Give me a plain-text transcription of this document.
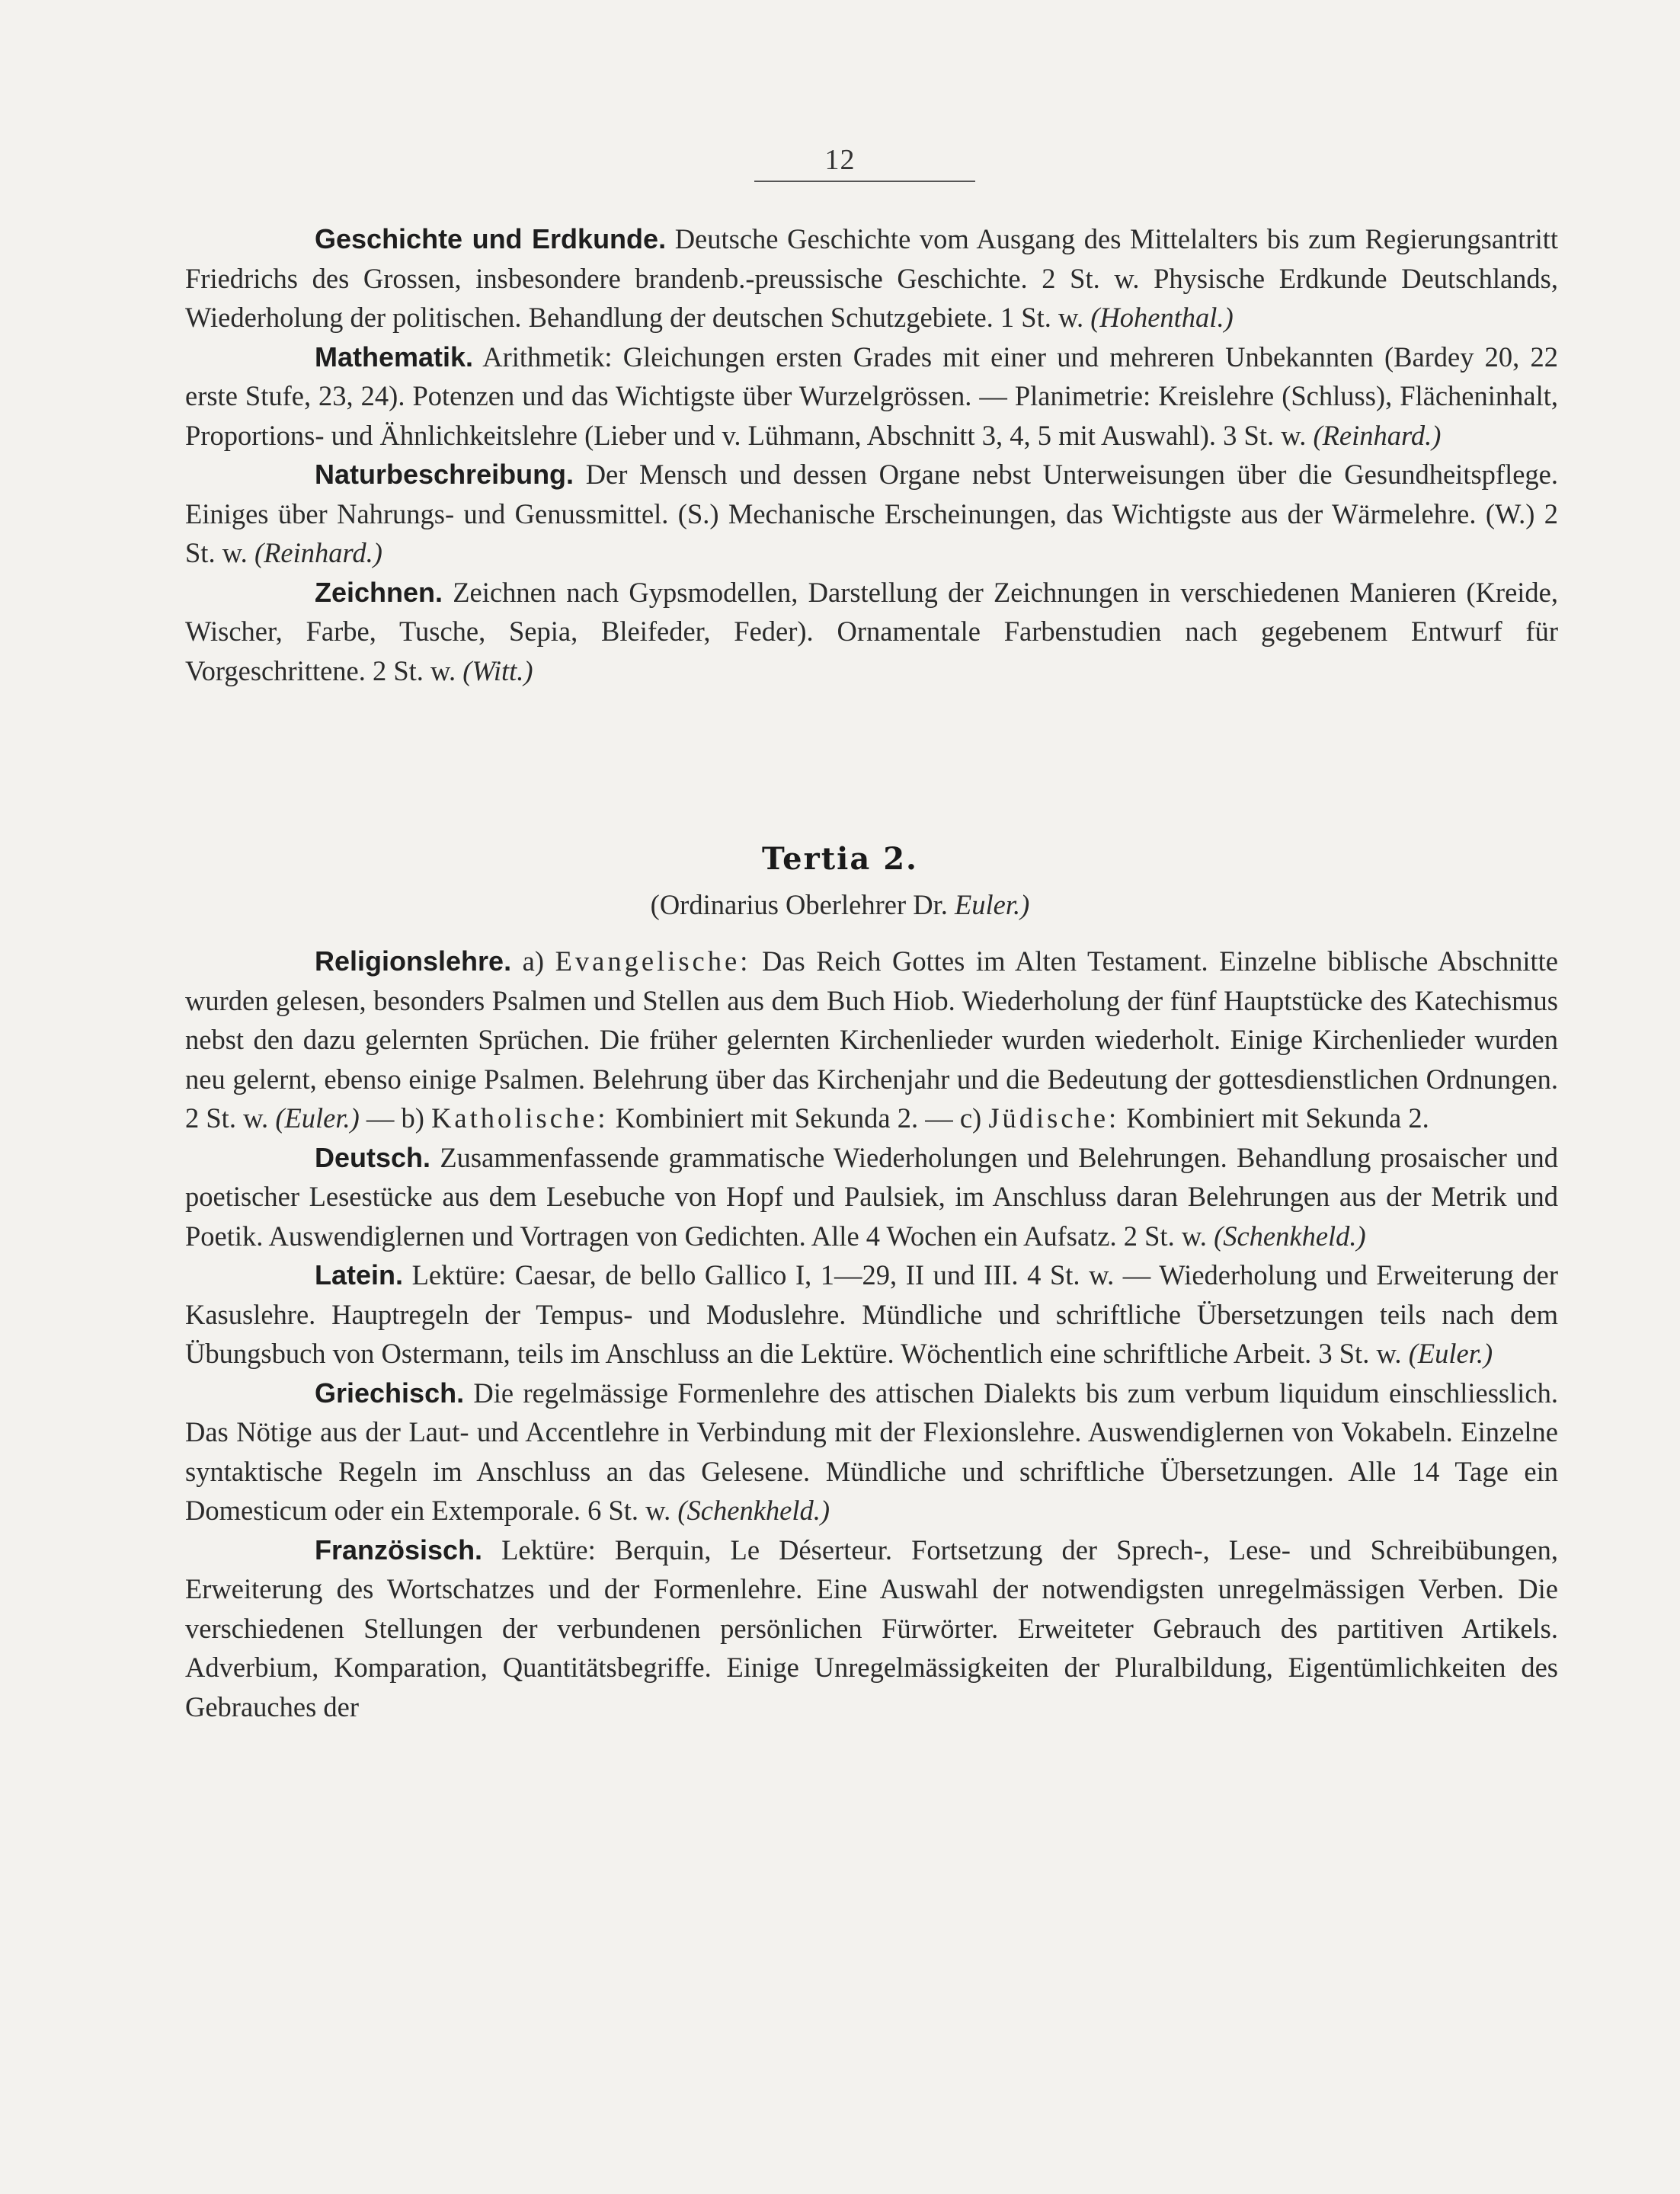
12

Geschichte und Erdkunde. Deutsche Geschichte vom Ausgang des Mittelalters bis zum Regierungsantritt Friedrichs des Grossen, insbesondere brandenb.-preussische Geschichte. 2 St. w. Physische Erdkunde Deutschlands, Wiederholung der politischen. Behandlung der deutschen Schutzgebiete. 1 St. w. (Hohenthal.)

Mathematik. Arithmetik: Gleichungen ersten Grades mit einer und mehreren Unbekannten (Bardey 20, 22 erste Stufe, 23, 24). Potenzen und das Wichtigste über Wurzelgrössen. — Planimetrie: Kreislehre (Schluss), Flächeninhalt, Proportions- und Ähnlichkeitslehre (Lieber und v. Lühmann, Abschnitt 3, 4, 5 mit Auswahl). 3 St. w. (Reinhard.)

Naturbeschreibung. Der Mensch und dessen Organe nebst Unterweisungen über die Gesundheitspflege. Einiges über Nahrungs- und Genussmittel. (S.) Mechanische Erscheinungen, das Wichtigste aus der Wärmelehre. (W.) 2 St. w. (Reinhard.)

Zeichnen. Zeichnen nach Gypsmodellen, Darstellung der Zeichnungen in verschiedenen Manieren (Kreide, Wischer, Farbe, Tusche, Sepia, Bleifeder, Feder). Ornamentale Farbenstudien nach gegebenem Entwurf für Vorgeschrittene. 2 St. w. (Witt.)

Tertia 2.
(Ordinarius Oberlehrer Dr. Euler.)

Religionslehre. a) Evangelische: Das Reich Gottes im Alten Testament. Einzelne biblische Abschnitte wurden gelesen, besonders Psalmen und Stellen aus dem Buch Hiob. Wiederholung der fünf Hauptstücke des Katechismus nebst den dazu gelernten Sprüchen. Die früher gelernten Kirchenlieder wurden wiederholt. Einige Kirchenlieder wurden neu gelernt, ebenso einige Psalmen. Belehrung über das Kirchenjahr und die Bedeutung der gottesdienstlichen Ordnungen. 2 St. w. (Euler.) — b) Katholische: Kombiniert mit Sekunda 2. — c) Jüdische: Kombiniert mit Sekunda 2.

Deutsch. Zusammenfassende grammatische Wiederholungen und Belehrungen. Behandlung prosaischer und poetischer Lesestücke aus dem Lesebuche von Hopf und Paulsiek, im Anschluss daran Belehrungen aus der Metrik und Poetik. Auswendiglernen und Vortragen von Gedichten. Alle 4 Wochen ein Aufsatz. 2 St. w. (Schenkheld.)

Latein. Lektüre: Caesar, de bello Gallico I, 1—29, II und III. 4 St. w. — Wiederholung und Erweiterung der Kasuslehre. Hauptregeln der Tempus- und Moduslehre. Mündliche und schriftliche Übersetzungen teils nach dem Übungsbuch von Ostermann, teils im Anschluss an die Lektüre. Wöchentlich eine schriftliche Arbeit. 3 St. w. (Euler.)

Griechisch. Die regelmässige Formenlehre des attischen Dialekts bis zum verbum liquidum einschliesslich. Das Nötige aus der Laut- und Accentlehre in Verbindung mit der Flexionslehre. Auswendiglernen von Vokabeln. Einzelne syntaktische Regeln im Anschluss an das Gelesene. Mündliche und schriftliche Übersetzungen. Alle 14 Tage ein Domesticum oder ein Extemporale. 6 St. w. (Schenkheld.)

Französisch. Lektüre: Berquin, Le Déserteur. Fortsetzung der Sprech-, Lese- und Schreibübungen, Erweiterung des Wortschatzes und der Formenlehre. Eine Auswahl der notwendigsten unregelmässigen Verben. Die verschiedenen Stellungen der verbundenen persönlichen Fürwörter. Erweiteter Gebrauch des partitiven Artikels. Adverbium, Komparation, Quantitätsbegriffe. Einige Unregelmässigkeiten der Pluralbildung, Eigentümlichkeiten des Gebrauches der
